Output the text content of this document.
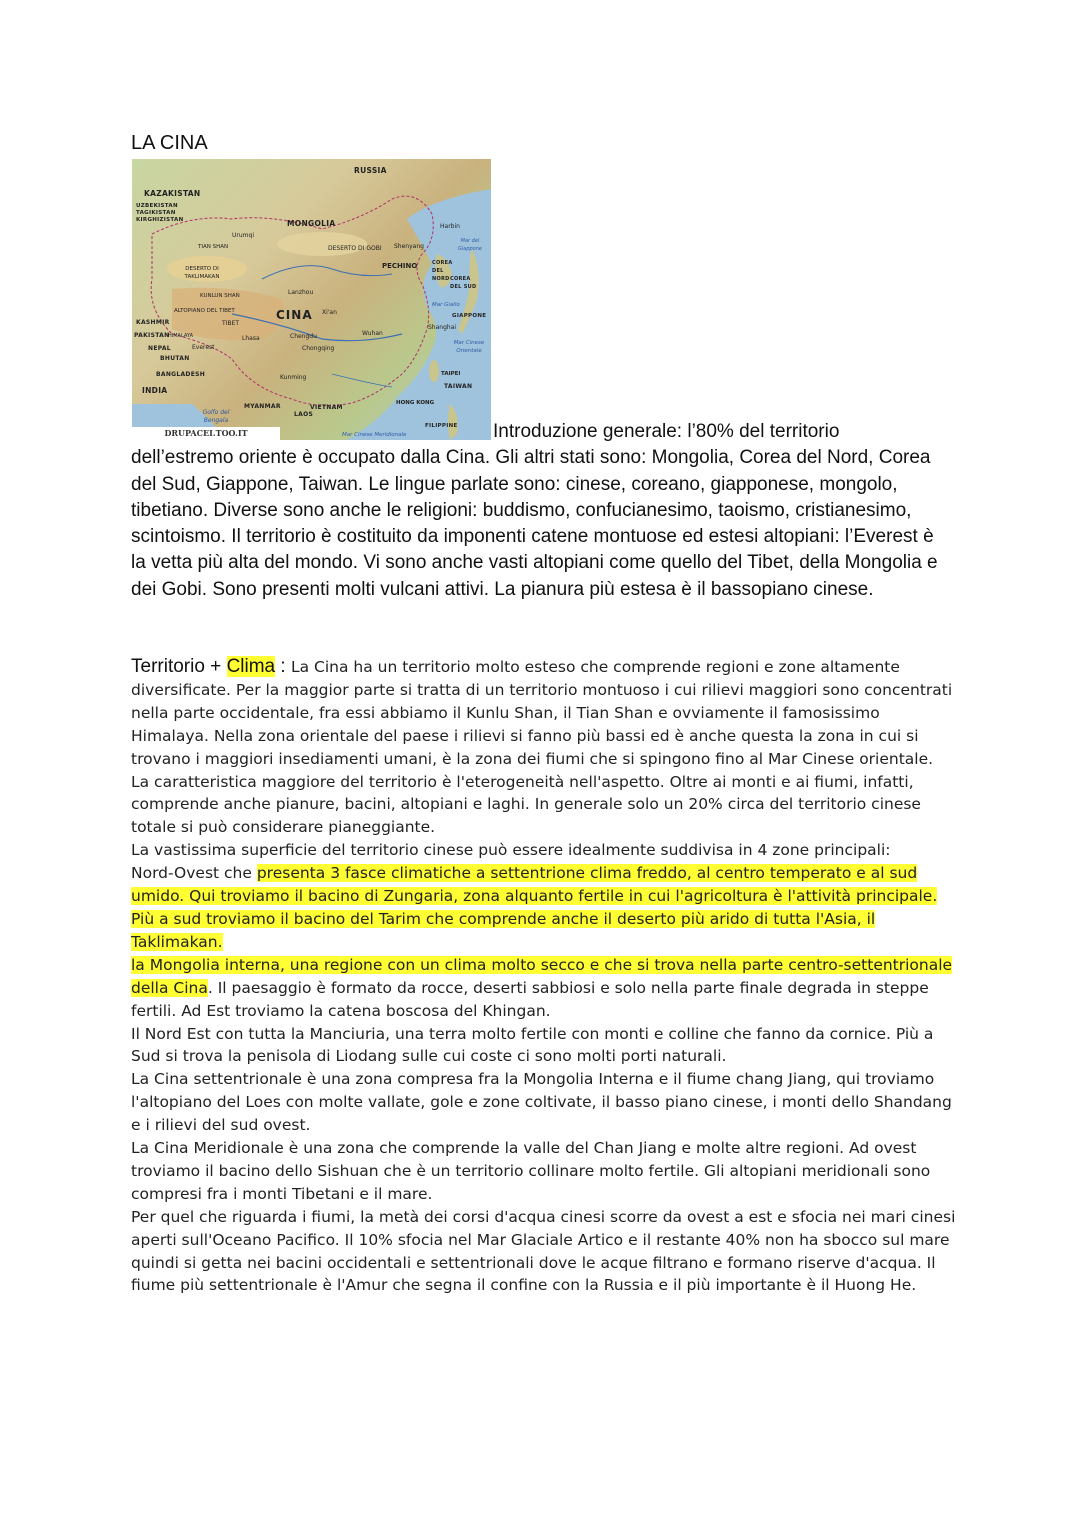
LA CINA
RUSSIA
KAZAKISTAN
UZBEKISTAN
TAGIKISTAN
KIRGHIZISTAN	MONGOLIA
CINA
KASHMIR
PAKISTAN
NEPAL
BHUTAN
BANGLADESH
INDIA
MYANMAR
LAOS
VIETNAM
COREA DEL NORD COREA DEL SUD
GIAPPONE
TAIWAN
FILIPPINE
TIBET
DESERTO DI GOBI
DESERTO DI TAKLIMAKAN
TIAN SHAN
KUNLUN SHAN
ALTOPIANO DEL TIBET
HIMALAYA
PECHINO
Shanghai
HONG KONG
TAIPEI
Urumqi
Lhasa
Everest
Chengdu
Chongqing
Wuhan
Xi'an
Lanzhou
Harbin
Shenyang
Kunming
Golfo del Bengala
Mar Cinese Meridionale
Mar Cinese Orientale
Mar Giallo
Mar del Giappone
DRUPACEI.TOO.IT	Introduzione generale: l’80% del territorio
dell’estremo oriente è occupato dalla Cina. Gli altri stati sono: Mongolia, Corea del Nord, Corea del Sud, Giappone, Taiwan. Le lingue parlate sono: cinese, coreano, giapponese, mongolo, tibetiano. Diverse sono anche le religioni: buddismo, confucianesimo, taoismo, cristianesimo, scintoismo. Il territorio è costituito da imponenti catene montuose ed estesi altopiani: l’Everest è la vetta più alta del mondo. Vi sono anche vasti altopiani come quello del Tibet, della Mongolia e dei Gobi. Sono presenti molti vulcani attivi. La pianura più estesa è il bassopiano cinese.

Territorio + Clima : La Cina ha un territorio molto esteso che comprende regioni e zone altamente diversificate. Per la maggior parte si tratta di un territorio montuoso i cui rilievi maggiori sono concentrati nella parte occidentale, fra essi abbiamo il Kunlu Shan, il Tian Shan e ovviamente il famosissimo Himalaya. Nella zona orientale del paese i rilievi si fanno più bassi ed è anche questa la zona in cui si trovano i maggiori insediamenti umani, è la zona dei fiumi che si spingono fino al Mar Cinese orientale.

La caratteristica maggiore del territorio è l'eterogeneità nell'aspetto. Oltre ai monti e ai fiumi, infatti, comprende anche pianure, bacini, altopiani e laghi. In generale solo un 20% circa del territorio cinese totale si può considerare pianeggiante.

La vastissima superficie del territorio cinese può essere idealmente suddivisa in 4 zone principali:

Nord-Ovest che presenta 3 fasce climatiche a settentrione clima freddo, al centro temperato e al sud umido. Qui troviamo il bacino di Zungaria, zona alquanto fertile in cui l'agricoltura è l'attività principale. Più a sud troviamo il bacino del Tarim che comprende anche il deserto più arido di tutta l'Asia, il Taklimakan.

la Mongolia interna, una regione con un clima molto secco e che si trova nella parte centro-settentrionale della Cina. Il paesaggio è formato da rocce, deserti sabbiosi e solo nella parte finale degrada in steppe fertili. Ad Est troviamo la catena boscosa del Khingan.

Il Nord Est con tutta la Manciuria, una terra molto fertile con monti e colline che fanno da cornice. Più a Sud si trova la penisola di Liodang sulle cui coste ci sono molti porti naturali.

La Cina settentrionale è una zona compresa fra la Mongolia Interna e il fiume chang Jiang, qui troviamo l'altopiano del Loes con molte vallate, gole e zone coltivate, il basso piano cinese, i monti dello Shandang e i rilievi del sud ovest.

La Cina Meridionale è una zona che comprende la valle del Chan Jiang e molte altre regioni. Ad ovest troviamo il bacino dello Sishuan che è un territorio collinare molto fertile. Gli altopiani meridionali sono compresi fra i monti Tibetani e il mare.

Per quel che riguarda i fiumi, la metà dei corsi d'acqua cinesi scorre da ovest a est e sfocia nei mari cinesi aperti sull'Oceano Pacifico. Il 10% sfocia nel Mar Glaciale Artico e il restante 40% non ha sbocco sul mare quindi si getta nei bacini occidentali e settentrionali dove le acque filtrano e formano riserve d'acqua. Il fiume più settentrionale è l'Amur che segna il confine con la Russia e il più importante è il Huong He.
